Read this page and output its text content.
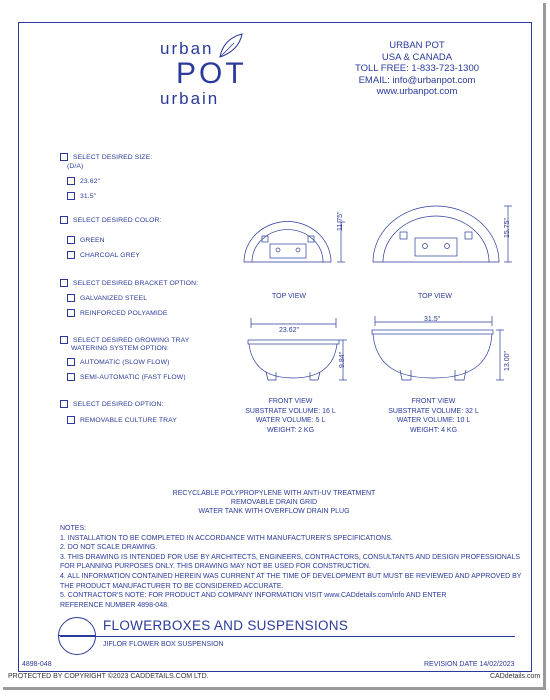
urban
POT
urbain
URBAN POT
USA & CANADA
TOLL FREE: 1-833-723-1300
EMAIL: info@urbanpot.com
www.urbanpot.com
SELECT DESIRED SIZE:
(D/A)
23.62"
31.5"
SELECT DESIRED COLOR:
GREEN
CHARCOAL GREY
SELECT DESIRED BRACKET OPTION:
GALVANIZED STEEL
REINFORCED POLYAMIDE
SELECT DESIRED GROWING TRAY
WATERING SYSTEM OPTION:
AUTOMATIC (SLOW FLOW)
SEMI-AUTOMATIC (FAST FLOW)
SELECT DESIRED OPTION:
REMOVABLE CULTURE TRAY
11.75"	15.75"
TOP VIEW	TOP VIEW
23.62"
31.5"
9.84"	13.00"
FRONT VIEW
SUBSTRATE VOLUME: 16 L
WATER VOLUME: 5 L
WEIGHT: 2 KG
FRONT VIEW
SUBSTRATE VOLUME: 32 L
WATER VOLUME: 10 L
WEIGHT: 4 KG
RECYCLABLE POLYPROPYLENE WITH ANTI-UV TREATMENT
REMOVABLE DRAIN GRID
WATER TANK WITH OVERFLOW DRAIN PLUG
NOTES:
1. INSTALLATION TO BE COMPLETED IN ACCORDANCE WITH MANUFACTURER'S SPECIFICATIONS.
2. DO NOT SCALE DRAWING.
3. THIS DRAWING IS INTENDED FOR USE BY ARCHITECTS, ENGINEERS, CONTRACTORS, CONSULTANTS AND DESIGN PROFESSIONALS
FOR PLANNING PURPOSES ONLY. THIS DRAWING MAY NOT BE USED FOR CONSTRUCTION.
4. ALL INFORMATION CONTAINED HEREIN WAS CURRENT AT THE TIME OF DEVELOPMENT BUT MUST BE REVIEWED AND APPROVED BY
THE PRODUCT MANUFACTURER TO BE CONSIDERED ACCURATE.
5. CONTRACTOR'S NOTE: FOR PRODUCT AND COMPANY INFORMATION VISIT www.CADdetails.com/info AND ENTER
REFERENCE NUMBER 4898-048.
FLOWERBOXES AND SUSPENSIONS
JIFLOR FLOWER BOX SUSPENSION
4898-048	REVISION DATE 14/02/2023
PROTECTED BY COPYRIGHT ©2023 CADDETAILS.COM LTD.	CADdetails.com
